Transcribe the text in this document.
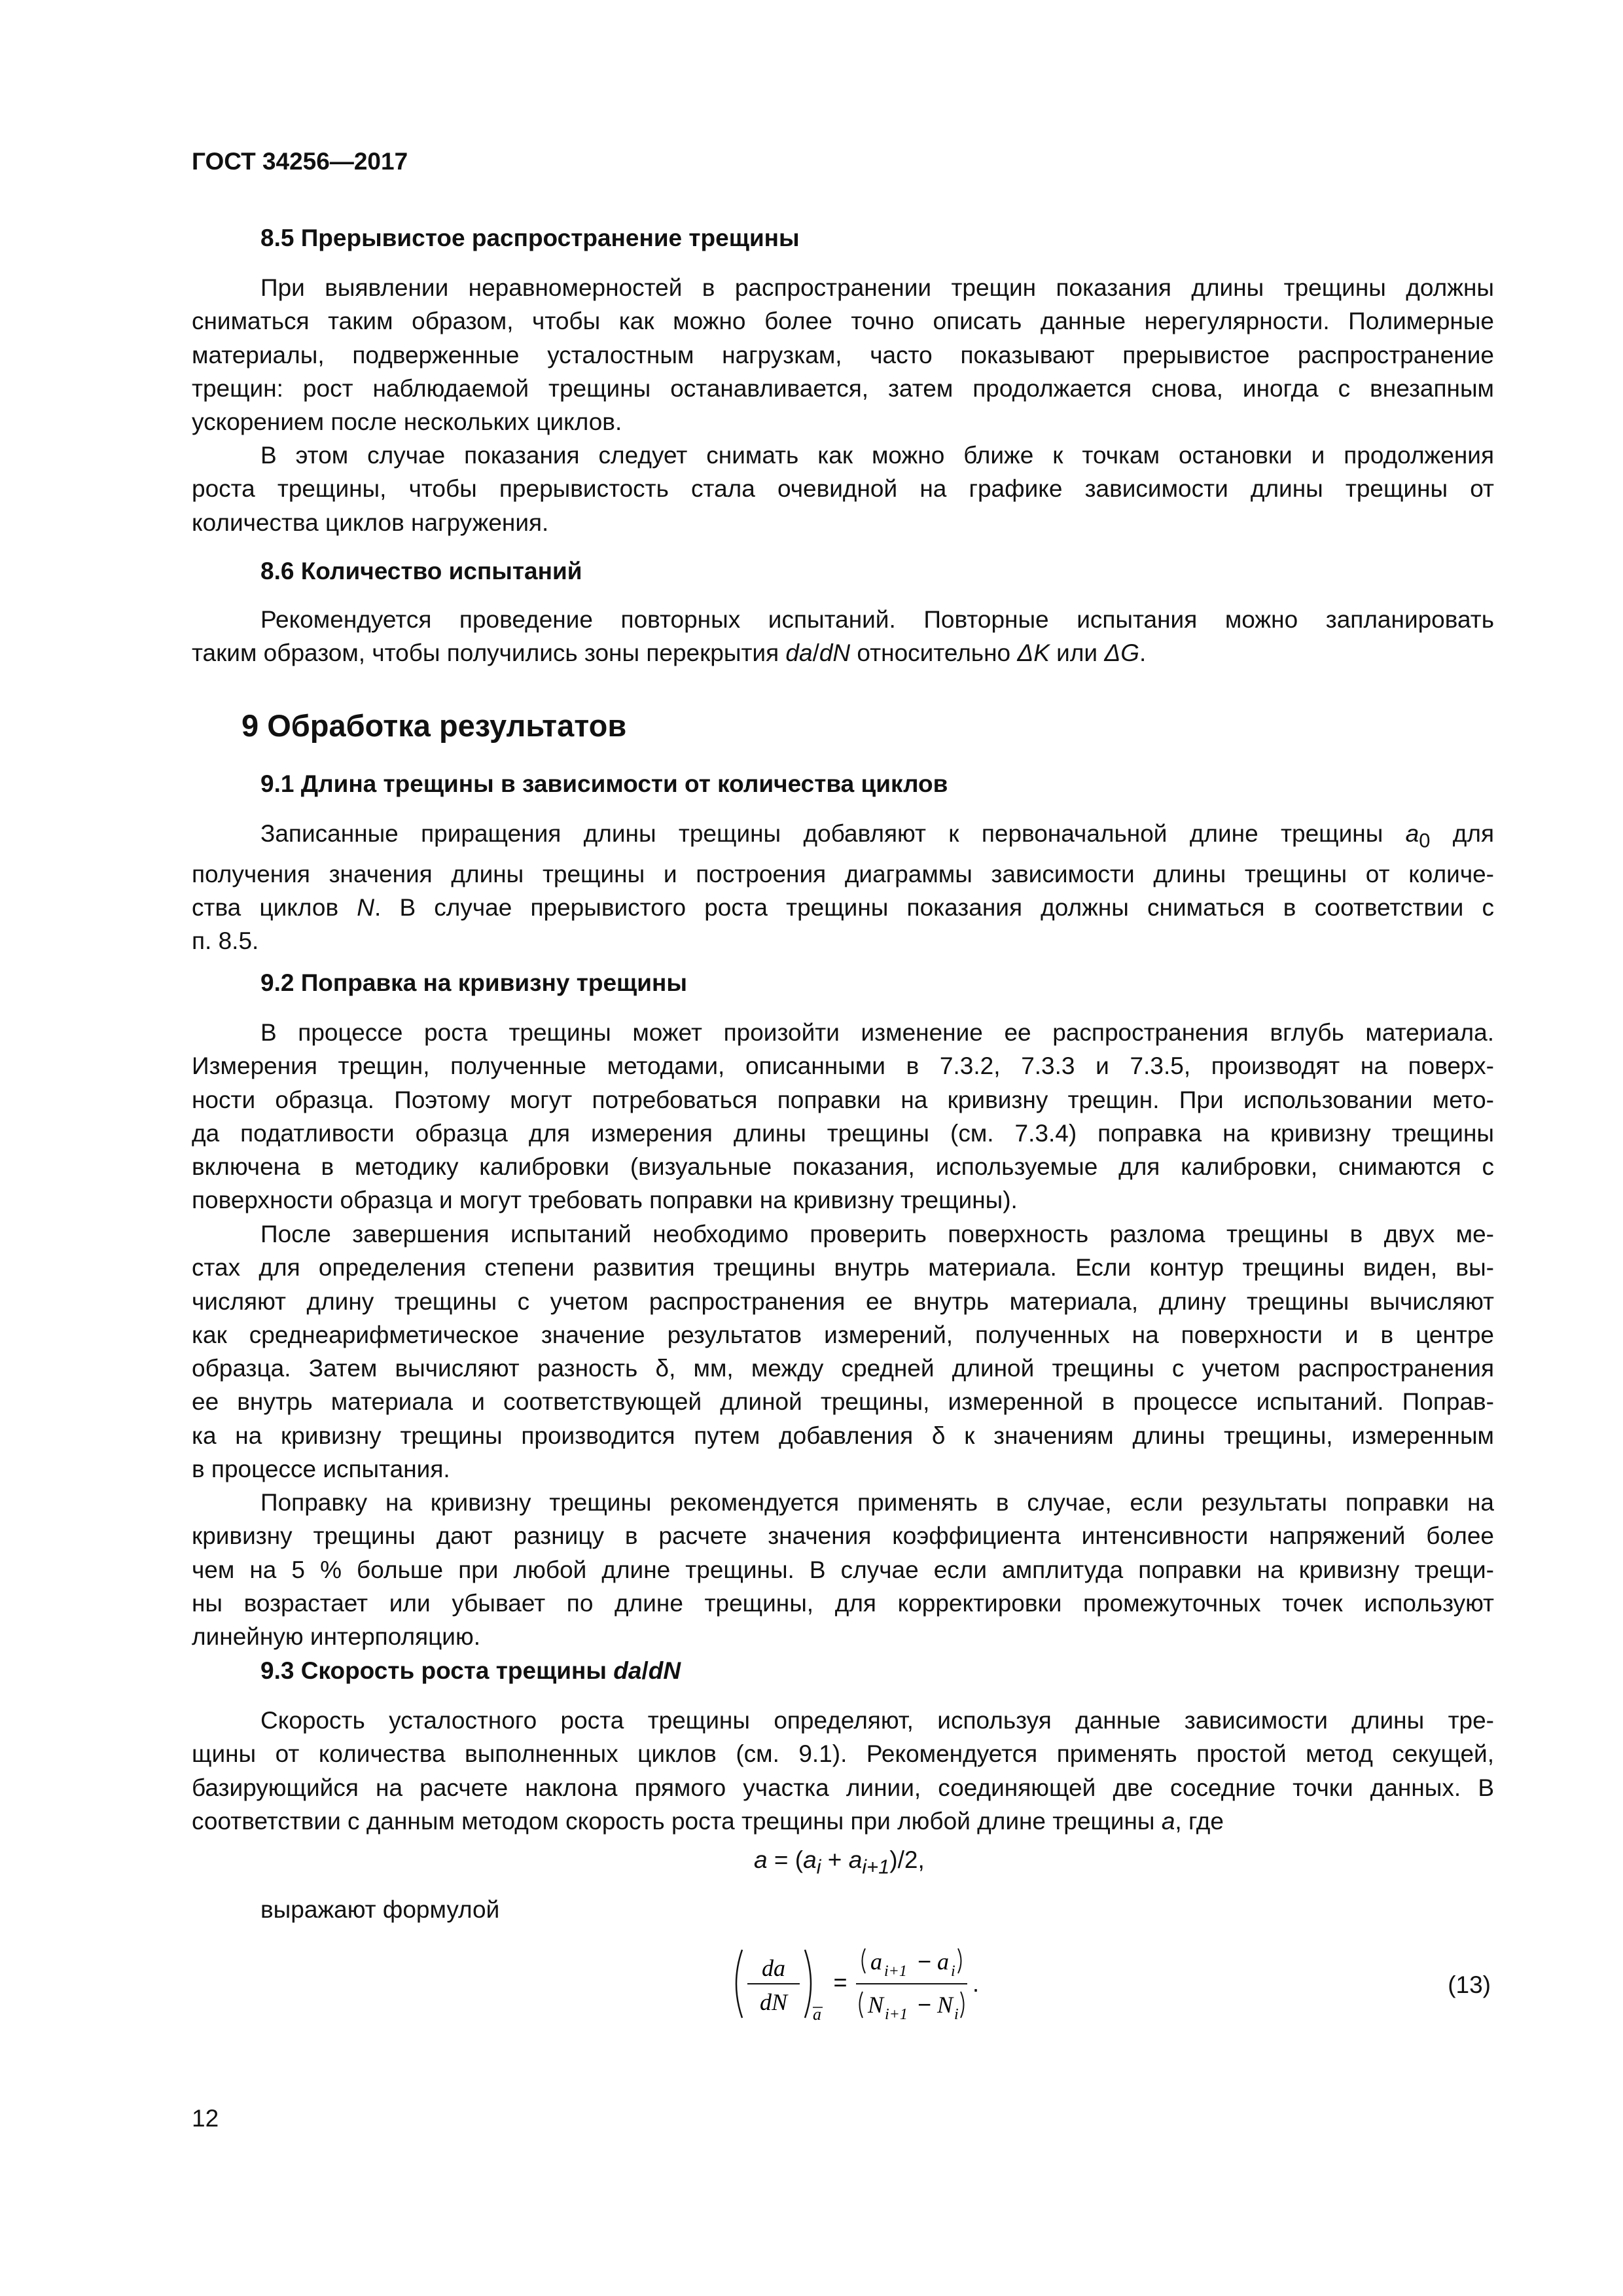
ГОСТ 34256—2017

8.5 Прерывистое распространение трещины

При выявлении неравномерностей в распространении трещин показания длины трещины должны
сниматься таким образом, чтобы как можно более точно описать данные нерегулярности. Полимерные
материалы, подверженные усталостным нагрузкам, часто показывают прерывистое распространение
трещин: рост наблюдаемой трещины останавливается, затем продолжается снова, иногда с внезапным
ускорением после нескольких циклов.

В этом случае показания следует снимать как можно ближе к точкам остановки и продолжения
роста трещины, чтобы прерывистость стала очевидной на графике зависимости длины трещины от
количества циклов нагружения.

8.6 Количество испытаний

Рекомендуется проведение повторных испытаний. Повторные испытания можно запланировать
таким образом, чтобы получились зоны перекрытия da/dN относительно ΔK или ΔG.

9 Обработка результатов

9.1 Длина трещины в зависимости от количества циклов

Записанные приращения длины трещины добавляют к первоначальной длине трещины $a_0$ для
получения значения длины трещины и построения диаграммы зависимости длины трещины от количе-
ства циклов N. В случае прерывистого роста трещины показания должны сниматься в соответствии с
п. 8.5.

9.2 Поправка на кривизну трещины

В процессе роста трещины может произойти изменение ее распространения вглубь материала.
Измерения трещин, полученные методами, описанными в 7.3.2, 7.3.3 и 7.3.5, производят на поверх-
ности образца. Поэтому могут потребоваться поправки на кривизну трещин. При использовании мето-
да податливости образца для измерения длины трещины (см. 7.3.4) поправка на кривизну трещины
включена в методику калибровки (визуальные показания, используемые для калибровки, снимаются с
поверхности образца и могут требовать поправки на кривизну трещины).

После завершения испытаний необходимо проверить поверхность разлома трещины в двух ме-
стах для определения степени развития трещины внутрь материала. Если контур трещины виден, вы-
числяют длину трещины с учетом распространения ее внутрь материала, длину трещины вычисляют
как среднеарифметическое значение результатов измерений, полученных на поверхности и в центре
образца. Затем вычисляют разность δ, мм, между средней длиной трещины с учетом распространения
ее внутрь материала и соответствующей длиной трещины, измеренной в процессе испытаний. Поправ-
ка на кривизну трещины производится путем добавления δ к значениям длины трещины, измеренным
в процессе испытания.

Поправку на кривизну трещины рекомендуется применять в случае, если результаты поправки на
кривизну трещины дают разницу в расчете значения коэффициента интенсивности напряжений более
чем на 5 % больше при любой длине трещины. В случае если амплитуда поправки на кривизну трещи-
ны возрастает или убывает по длине трещины, для корректировки промежуточных точек используют
линейную интерполяцию.

9.3 Скорость роста трещины da/dN

Скорость усталостного роста трещины определяют, используя данные зависимости длины тре-
щины от количества выполненных циклов (см. 9.1). Рекомендуется применять простой метод секущей,
базирующийся на расчете наклона прямого участка линии, соединяющей две соседние точки данных. В
соответствии с данным методом скорость роста трещины при любой длине трещины a, где

$a = (a_i + a_{i+1})/2$,
выражают формулой
da
dN a
=
a i+1 − a i
N i+1 − N i
.	(13)
12
